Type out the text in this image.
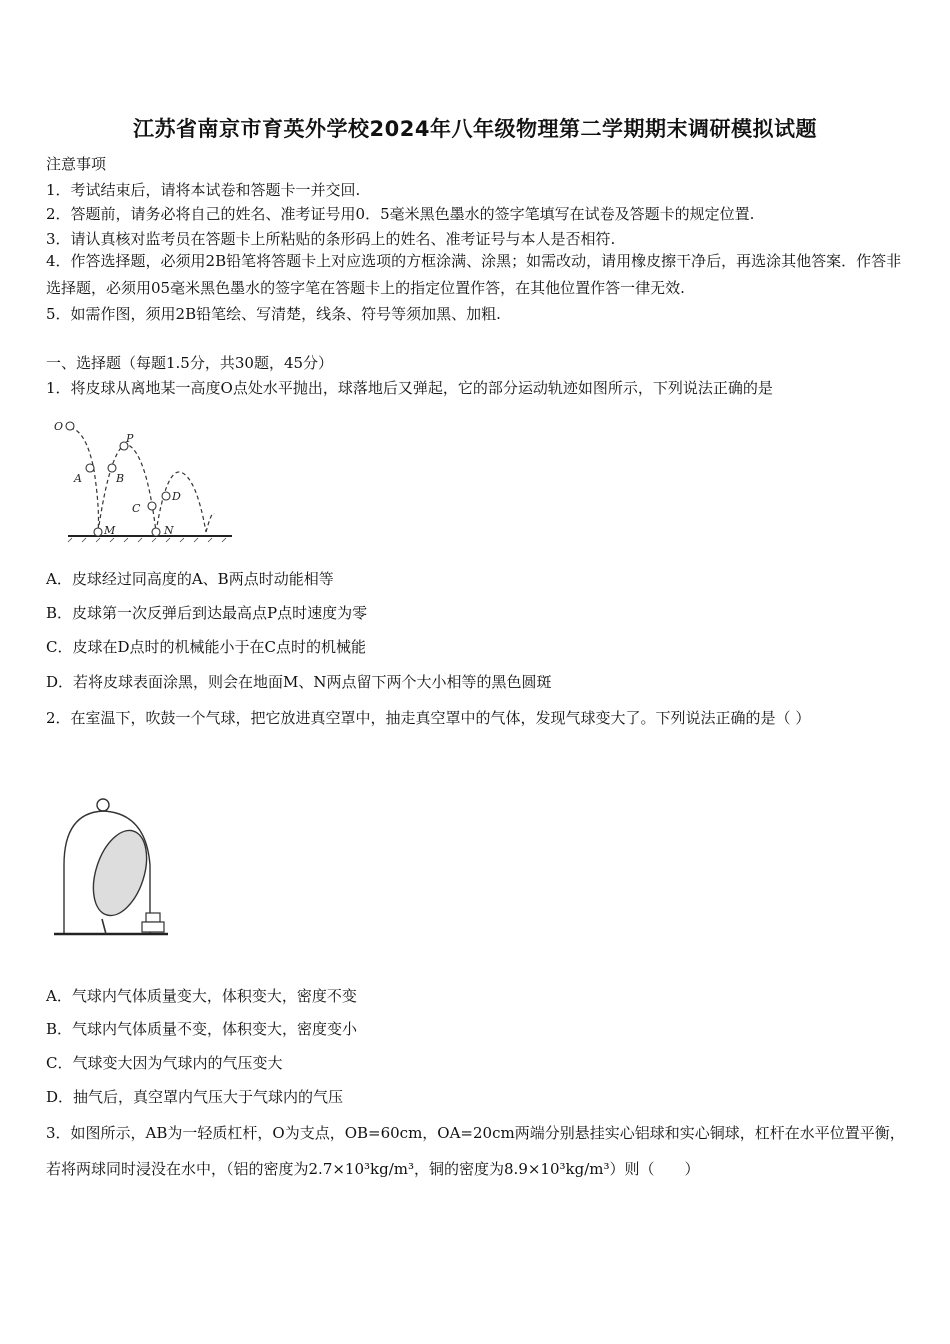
江苏省南京市育英外学校2024年八年级物理第二学期期末调研模拟试题
注意事项
1．考试结束后，请将本试卷和答题卡一并交回.
2．答题前，请务必将自己的姓名、准考证号用0．5毫米黑色墨水的签字笔填写在试卷及答题卡的规定位置.
3．请认真核对监考员在答题卡上所粘贴的条形码上的姓名、准考证号与本人是否相符.
4．作答选择题，必须用2B铅笔将答题卡上对应选项的方框涂满、涂黑；如需改动，请用橡皮擦干净后，再选涂其他答案．作答非选择题，必须用05毫米黑色墨水的签字笔在答题卡上的指定位置作答，在其他位置作答一律无效.
5．如需作图，须用2B铅笔绘、写清楚，线条、符号等须加黑、加粗.
一、选择题（每题1.5分，共30题，45分）
1．将皮球从离地某一高度O点处水平抛出，球落地后又弹起，它的部分运动轨迹如图所示，下列说法正确的是
O
P
A	B
C
D
M	N
A．皮球经过同高度的A、B两点时动能相等
B．皮球第一次反弹后到达最高点P点时速度为零
C．皮球在D点时的机械能小于在C点时的机械能
D．若将皮球表面涂黑，则会在地面M、N两点留下两个大小相等的黑色圆斑
2．在室温下，吹鼓一个气球，把它放进真空罩中，抽走真空罩中的气体，发现气球变大了。下列说法正确的是（ ）
A．气球内气体质量变大，体积变大，密度不变
B．气球内气体质量不变，体积变大，密度变小
C．气球变大因为气球内的气压变大
D．抽气后，真空罩内气压大于气球内的气压
3．如图所示，AB为一轻质杠杆，O为支点，OB=60cm，OA=20cm两端分别悬挂实心铝球和实心铜球，杠杆在水平位置平衡，若将两球同时浸没在水中，（铝的密度为2.7×10³kg/m³，铜的密度为8.9×10³kg/m³）则（　　）
